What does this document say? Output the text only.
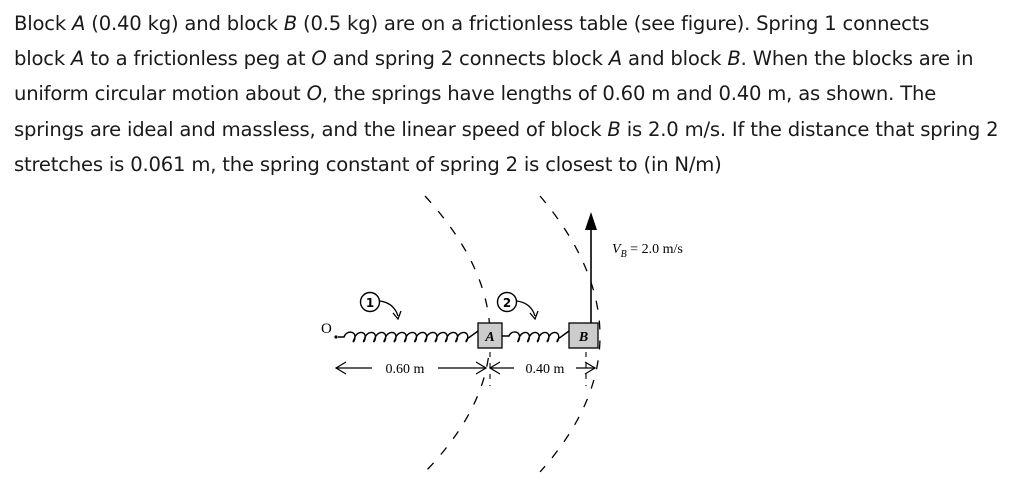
Block A (0.40 kg) and block B (0.5 kg) are on a frictionless table (see figure). Spring 1 connects
block A to a frictionless peg at O and spring 2 connects block A and block B. When the blocks are in
uniform circular motion about O, the springs have lengths of 0.60 m and 0.40 m, as shown. The
springs are ideal and massless, and the linear speed of block B is 2.0 m/s. If the distance that spring 2
stretches is 0.061 m, the spring constant of spring 2 is closest to (in N/m)
O
A	B
$V_B = 2.0$ m/s
1	2
0.60 m	0.40 m
